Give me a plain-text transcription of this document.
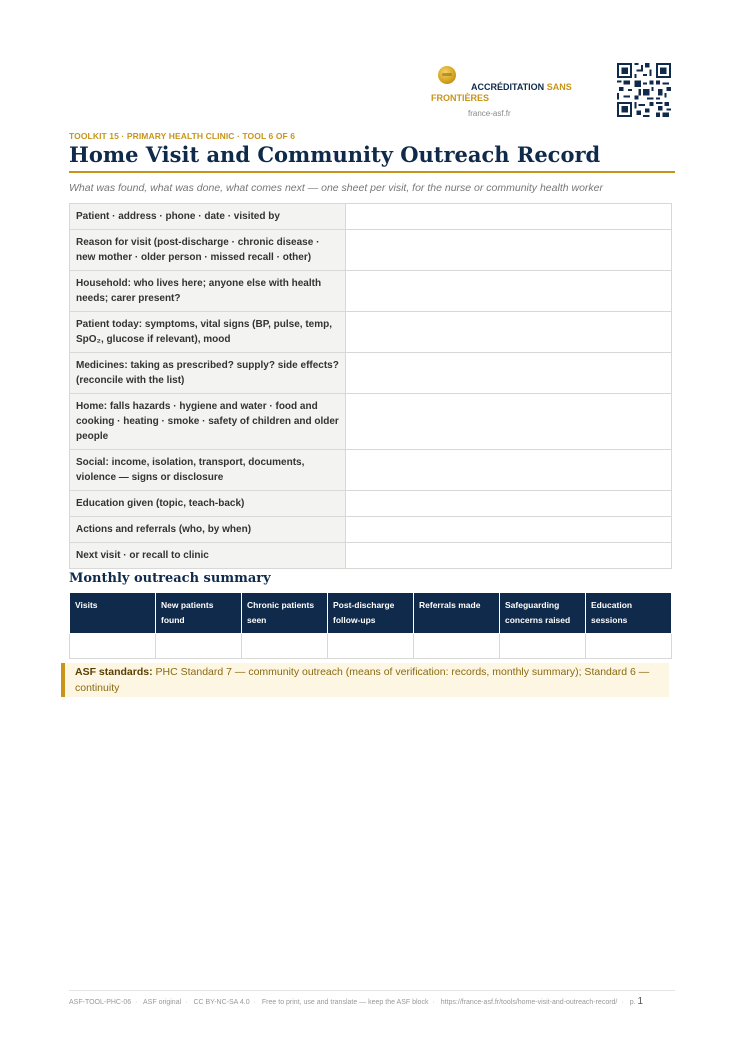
ACCRÉDITATION SANS FRONTIÈRES
france-asf.fr
TOOLKIT 15 · PRIMARY HEALTH CLINIC · TOOL 6 OF 6
Home Visit and Community Outreach Record
What was found, what was done, what comes next — one sheet per visit, for the nurse or community health worker
Patient · address · phone · date · visited by	
Reason for visit (post-discharge · chronic disease · new mother · older person · missed recall · other)	
Household: who lives here; anyone else with health needs; carer present?	
Patient today: symptoms, vital signs (BP, pulse, temp, SpO₂, glucose if relevant), mood	
Medicines: taking as prescribed? supply? side effects? (reconcile with the list)	
Home: falls hazards · hygiene and water · food and cooking · heating · smoke · safety of children and older people	
Social: income, isolation, transport, documents, violence — signs or disclosure	
Education given (topic, teach-back)	
Actions and referrals (who, by when)	
Next visit · or recall to clinic	
Monthly outreach summary
Visits	New patients found	Chronic patients seen	Post-discharge follow-ups	Referrals made	Safeguarding concerns raised	Education sessions

ASF standards: PHC Standard 7 — community outreach (means of verification: records, monthly summary); Standard 6 — continuity
ASF-TOOL-PHC-06 · ASF original · CC BY-NC-SA 4.0 · Free to print, use and translate — keep the ASF block · https://france-asf.fr/tools/home-visit-and-outreach-record/ · p. 1
